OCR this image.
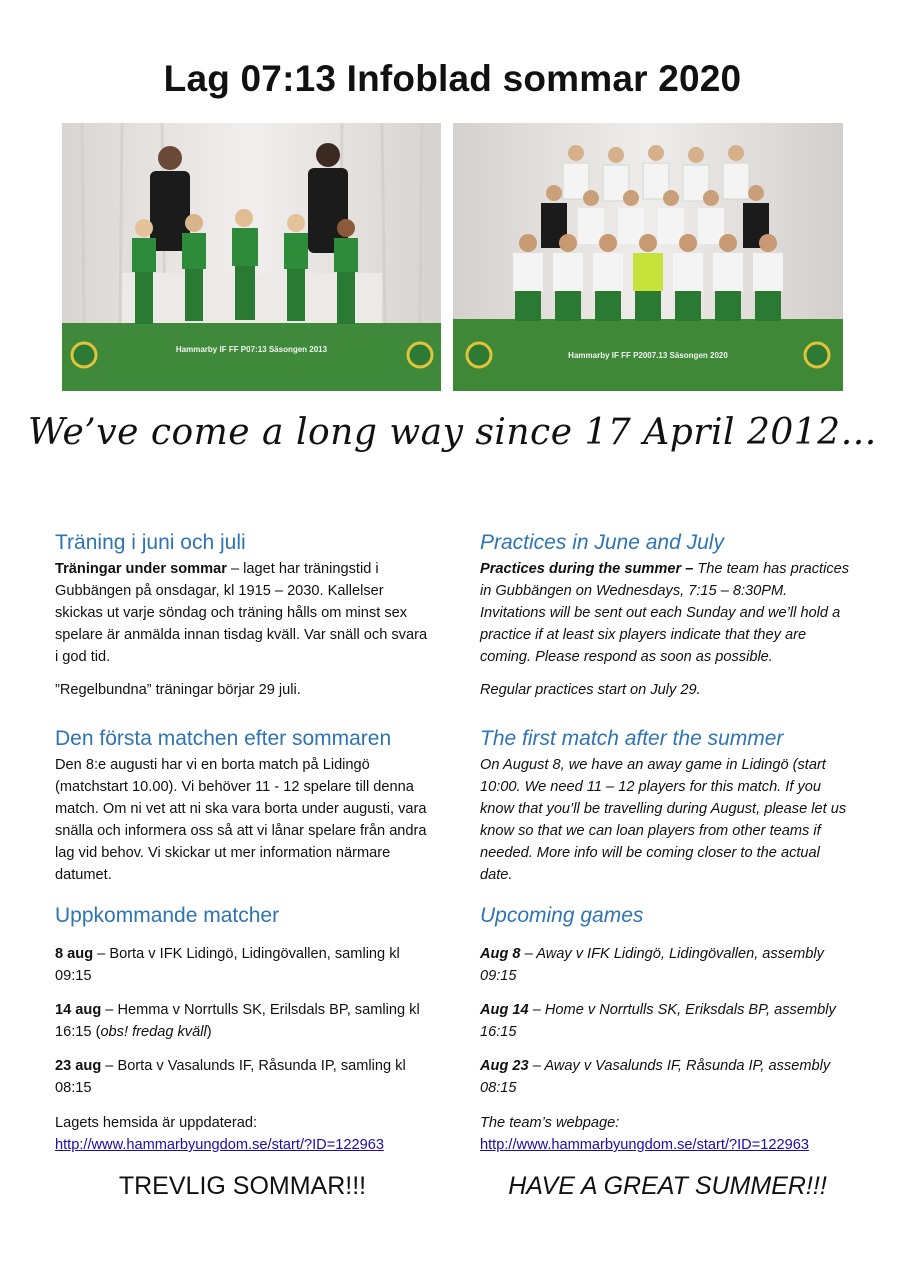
Lag 07:13 Infoblad sommar 2020
Hammarby IF FF P07:13 Säsongen 2013
Hammarby IF FF P2007.13 Säsongen 2020
We’ve come a long way since 17 April 2012…
Träning i juni och juli

Träningar under sommar – laget har träningstid i Gubbängen på onsdagar, kl 1915 – 2030. Kallelser skickas ut varje söndag och träning hålls om minst sex spelare är anmälda innan tisdag kväll. Var snäll och svara i god tid.

”Regelbundna” träningar börjar 29 juli.

Den första matchen efter sommaren

Den 8:e augusti har vi en borta match på Lidingö (matchstart 10.00). Vi behöver 11 - 12 spelare till denna match. Om ni vet att ni ska vara borta under augusti, vara snälla och informera oss så att vi lånar spelare från andra lag vid behov. Vi skickar ut mer information närmare datumet.

Uppkommande matcher

8 aug – Borta v IFK Lidingö, Lidingövallen, samling kl 09:15

14 aug – Hemma v Norrtulls SK, Erilsdals BP, samling kl 16:15 (obs! fredag kväll)

23 aug – Borta v Vasalunds IF, Råsunda IP, samling kl 08:15

Lagets hemsida är uppdaterad:

http://www.hammarbyungdom.se/start/?ID=122963
TREVLIG SOMMAR!!!
Practices in June and July

Practices during the summer – The team has practices in Gubbängen on Wednesdays, 7:15 – 8:30PM. Invitations will be sent out each Sunday and we’ll hold a practice if at least six players indicate that they are coming. Please respond as soon as possible.

Regular practices start on July 29.

The first match after the summer

On August 8, we have an away game in Lidingö (start 10:00. We need 11 – 12 players for this match. If you know that you’ll be travelling during August, please let us know so that we can loan players from other teams if needed. More info will be coming closer to the actual date.

Upcoming games

Aug 8 – Away v IFK Lidingö, Lidingövallen, assembly 09:15

Aug 14 – Home v Norrtulls SK, Eriksdals BP, assembly 16:15

Aug 23 – Away v Vasalunds IF, Råsunda IP, assembly 08:15

The team’s webpage:

http://www.hammarbyungdom.se/start/?ID=122963
HAVE A GREAT SUMMER!!!
